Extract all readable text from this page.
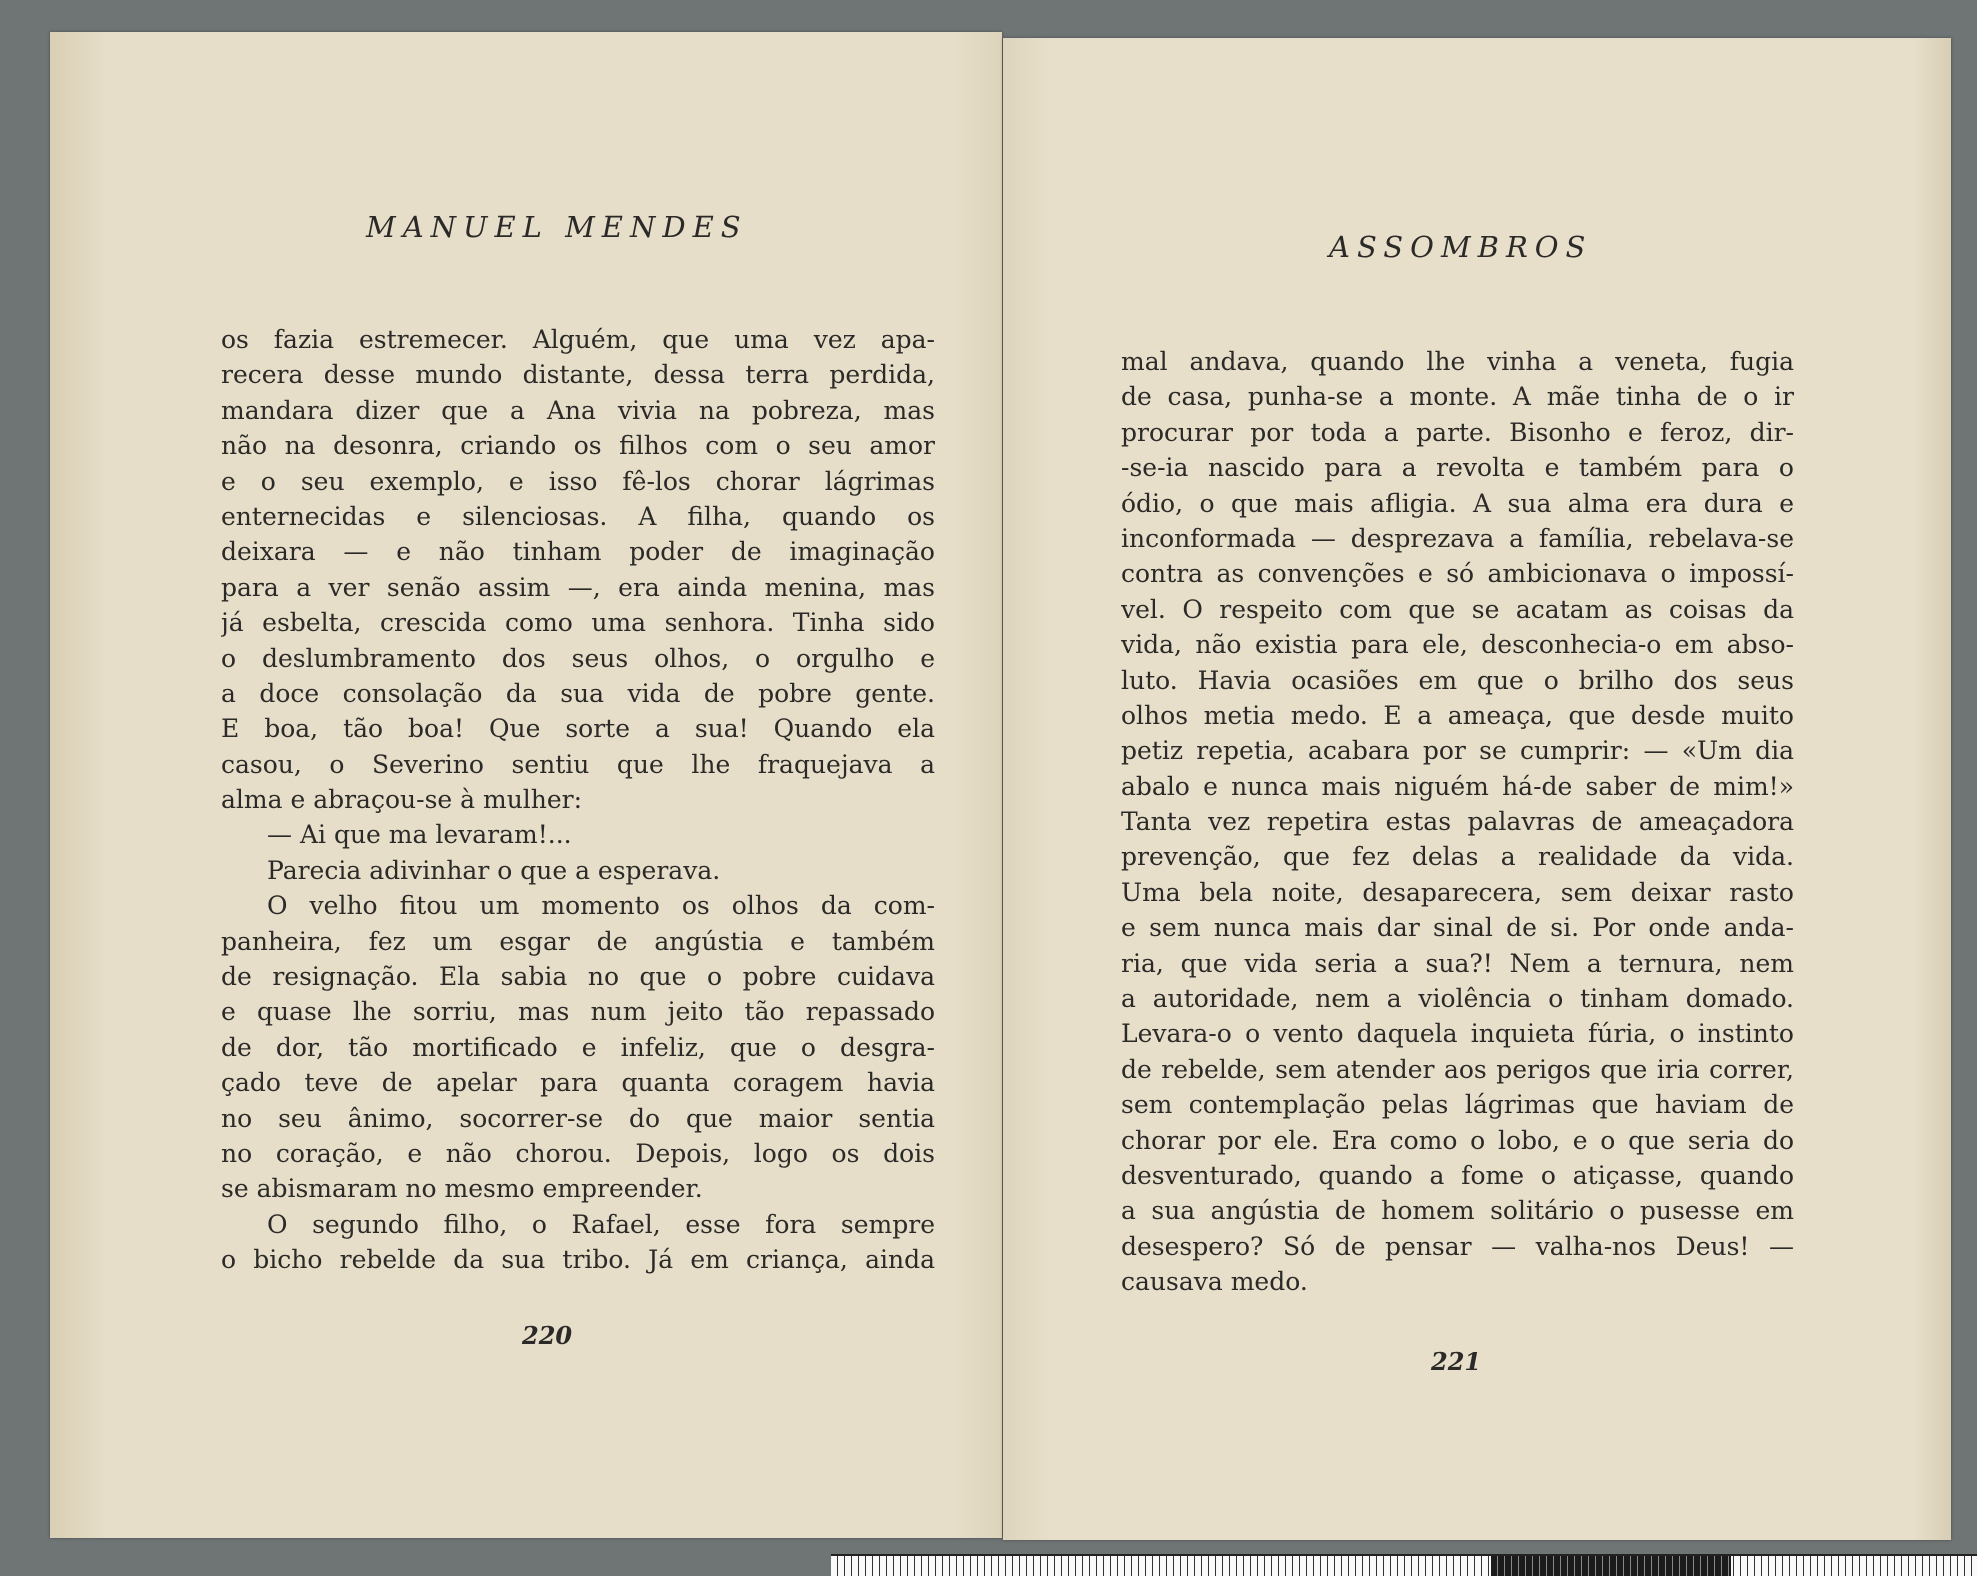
MANUEL MENDES
os fazia estremecer. Alguém, que uma vez apa-
recera desse mundo distante, dessa terra perdida,
mandara dizer que a Ana vivia na pobreza, mas
não na desonra, criando os filhos com o seu amor
e o seu exemplo, e isso fê-los chorar lágrimas
enternecidas e silenciosas. A filha, quando os
deixara — e não tinham poder de imaginação
para a ver senão assim —, era ainda menina, mas
já esbelta, crescida como uma senhora. Tinha sido
o deslumbramento dos seus olhos, o orgulho e
a doce consolação da sua vida de pobre gente.
E boa, tão boa! Que sorte a sua! Quando ela
casou, o Severino sentiu que lhe fraquejava a
alma e abraçou-se à mulher:
— Ai que ma levaram!...
Parecia adivinhar o que a esperava.
O velho fitou um momento os olhos da com-
panheira, fez um esgar de angústia e também
de resignação. Ela sabia no que o pobre cuidava
e quase lhe sorriu, mas num jeito tão repassado
de dor, tão mortificado e infeliz, que o desgra-
çado teve de apelar para quanta coragem havia
no seu ânimo, socorrer-se do que maior sentia
no coração, e não chorou. Depois, logo os dois
se abismaram no mesmo empreender.
O segundo filho, o Rafael, esse fora sempre
o bicho rebelde da sua tribo. Já em criança, ainda
220
ASSOMBROS
mal andava, quando lhe vinha a veneta, fugia
de casa, punha-se a monte. A mãe tinha de o ir
procurar por toda a parte. Bisonho e feroz, dir-
-se-ia nascido para a revolta e também para o
ódio, o que mais afligia. A sua alma era dura e
inconformada — desprezava a família, rebelava-se
contra as convenções e só ambicionava o impossí-
vel. O respeito com que se acatam as coisas da
vida, não existia para ele, desconhecia-o em abso-
luto. Havia ocasiões em que o brilho dos seus
olhos metia medo. E a ameaça, que desde muito
petiz repetia, acabara por se cumprir: — «Um dia
abalo e nunca mais niguém há-de saber de mim!»
Tanta vez repetira estas palavras de ameaçadora
prevenção, que fez delas a realidade da vida.
Uma bela noite, desaparecera, sem deixar rasto
e sem nunca mais dar sinal de si. Por onde anda-
ria, que vida seria a sua?! Nem a ternura, nem
a autoridade, nem a violência o tinham domado.
Levara-o o vento daquela inquieta fúria, o instinto
de rebelde, sem atender aos perigos que iria correr,
sem contemplação pelas lágrimas que haviam de
chorar por ele. Era como o lobo, e o que seria do
desventurado, quando a fome o atiçasse, quando
a sua angústia de homem solitário o pusesse em
desespero? Só de pensar — valha-nos Deus! —
causava medo.
221
